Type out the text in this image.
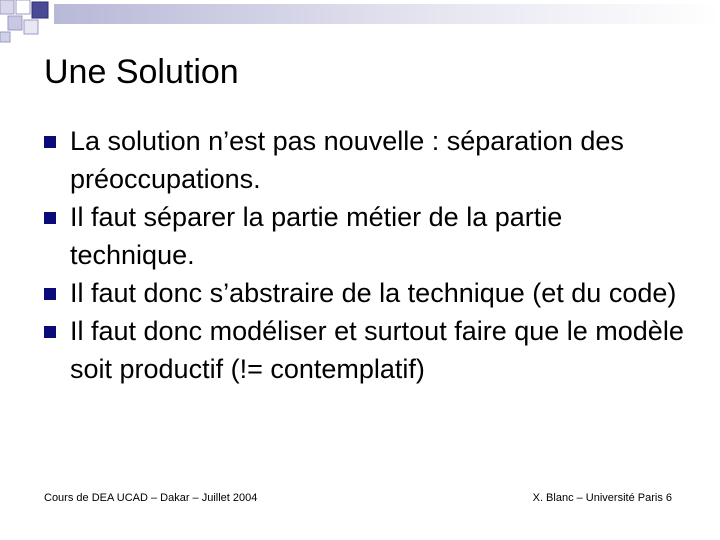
Une Solution
La solution n’est pas nouvelle : séparation des préoccupations.
Il faut séparer la partie métier de la partie technique.
Il faut donc s’abstraire de la technique (et du code)
Il faut donc modéliser et surtout faire que le modèle soit productif (!= contemplatif)
Cours de DEA UCAD – Dakar – Juillet 2004	X. Blanc – Université Paris 6
